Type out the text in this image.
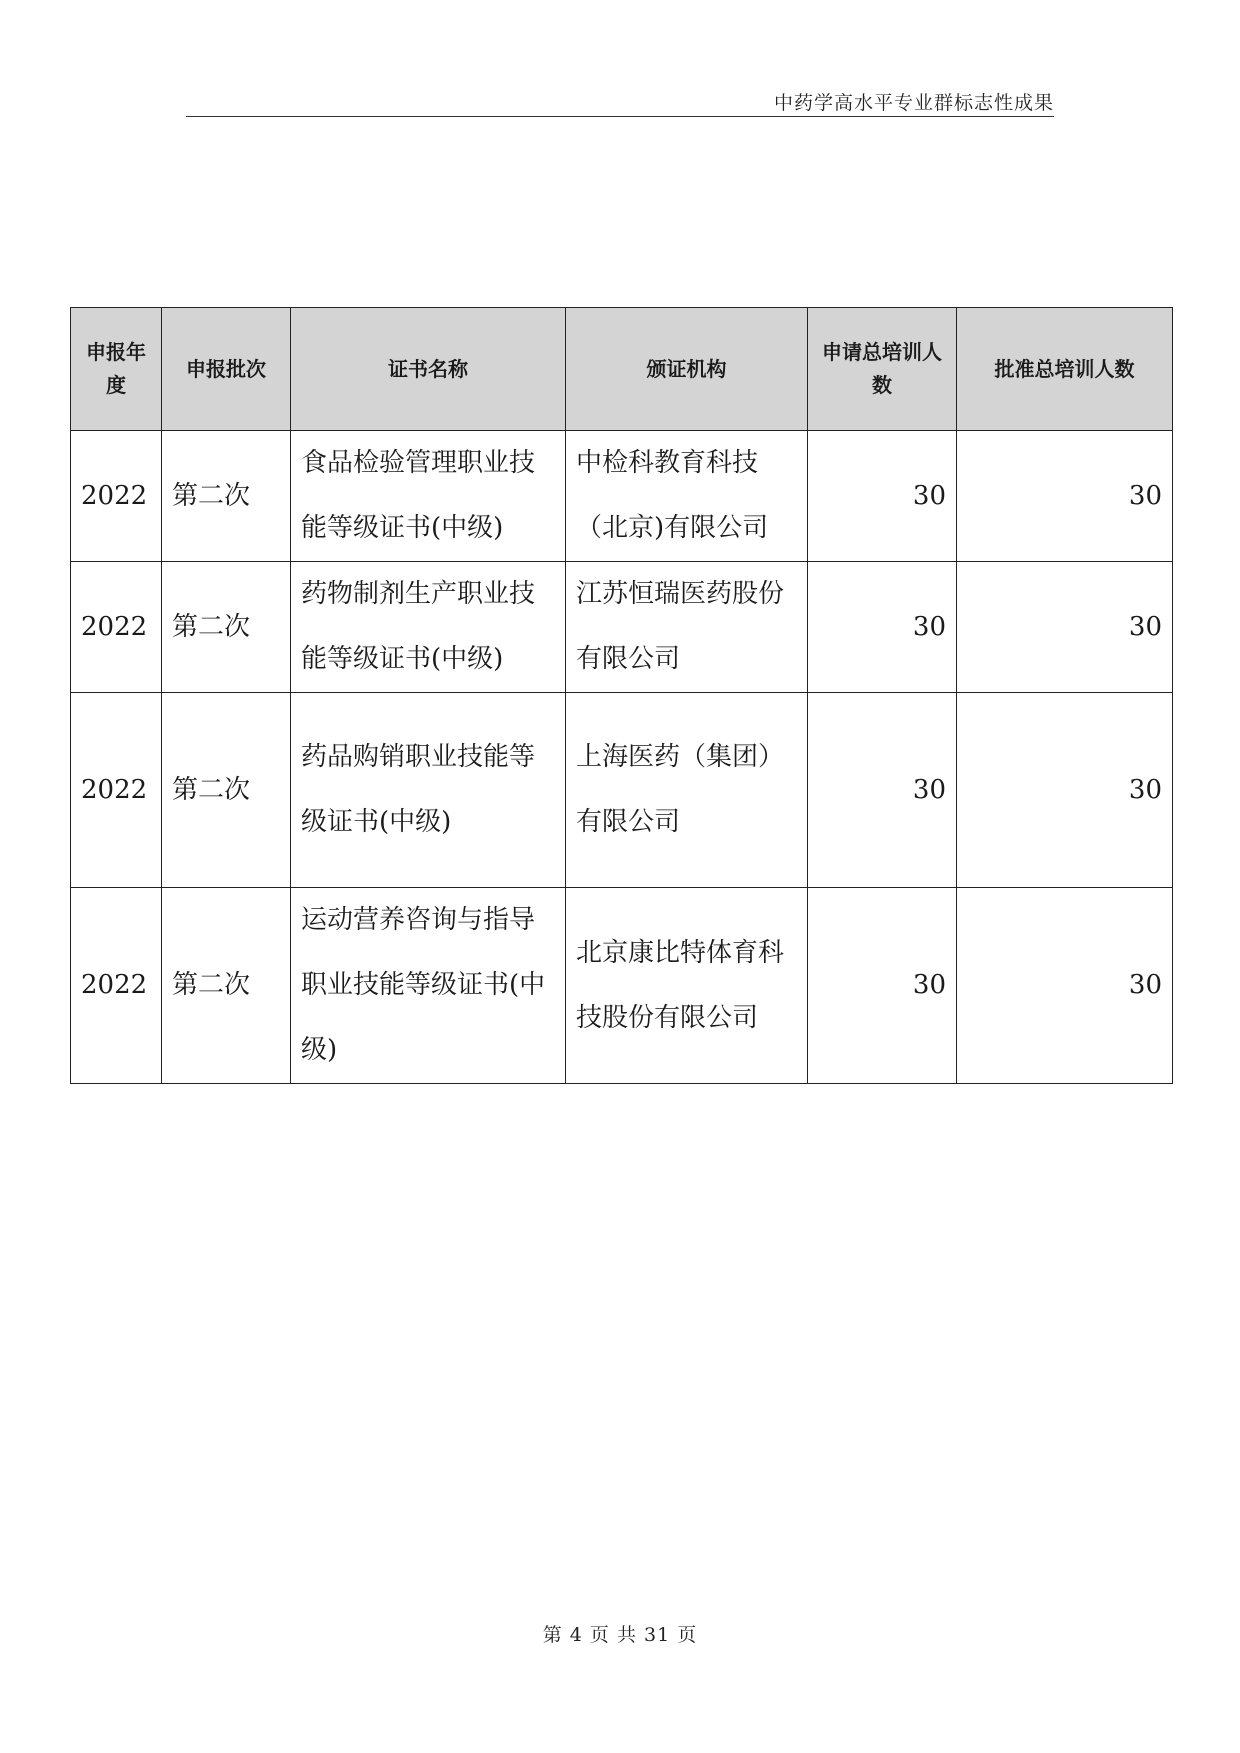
中药学高水平专业群标志性成果
申报年度	申报批次	证书名称	颁证机构	申请总培训人数	批准总培训人数
2022	第二次	食品检验管理职业技能等级证书(中级)	中检科教育科技（北京)有限公司	30	30
2022	第二次	药物制剂生产职业技能等级证书(中级)	江苏恒瑞医药股份有限公司	30	30
2022	第二次	药品购销职业技能等级证书(中级)	上海医药（集团）有限公司	30	30
2022	第二次	运动营养咨询与指导职业技能等级证书(中级)	北京康比特体育科技股份有限公司	30	30
第 4 页 共 31 页
